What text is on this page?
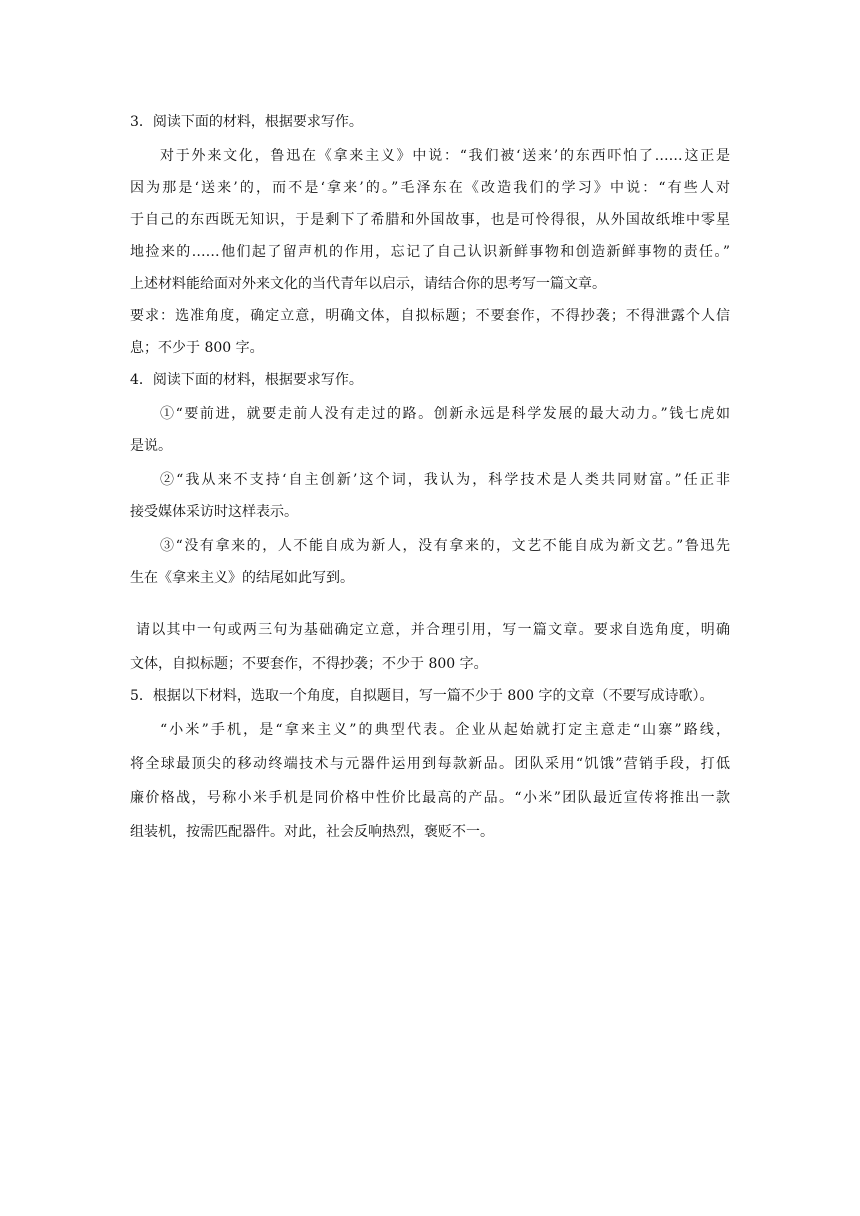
3．阅读下面的材料，根据要求写作。
对于外来文化，鲁迅在《拿来主义》中说：“我们被‘送来’的东西吓怕了……这正是
因为那是‘送来’的，而不是‘拿来’的。”毛泽东在《改造我们的学习》中说：“有些人对
于自己的东西既无知识，于是剩下了希腊和外国故事，也是可怜得很，从外国故纸堆中零星
地捡来的……他们起了留声机的作用，忘记了自己认识新鲜事物和创造新鲜事物的责任。”
上述材料能给面对外来文化的当代青年以启示，请结合你的思考写一篇文章。
要求：选准角度，确定立意，明确文体，自拟标题；不要套作，不得抄袭；不得泄露个人信
息；不少于 800 字。
4．阅读下面的材料，根据要求写作。
①“要前进，就要走前人没有走过的路。创新永远是科学发展的最大动力。”钱七虎如
是说。
②“我从来不支持‘自主创新’这个词，我认为，科学技术是人类共同财富。”任正非
接受媒体采访时这样表示。
③“没有拿来的，人不能自成为新人，没有拿来的，文艺不能自成为新文艺。”鲁迅先
生在《拿来主义》的结尾如此写到。
请以其中一句或两三句为基础确定立意，并合理引用，写一篇文章。要求自选角度，明确
文体，自拟标题；不要套作，不得抄袭；不少于 800 字。
5．根据以下材料，选取一个角度，自拟题目，写一篇不少于 800 字的文章（不要写成诗歌）。
“小米”手机，是“拿来主义”的典型代表。企业从起始就打定主意走“山寨”路线，
将全球最顶尖的移动终端技术与元器件运用到每款新品。团队采用“饥饿”营销手段，打低
廉价格战，号称小米手机是同价格中性价比最高的产品。“小米”团队最近宣传将推出一款
组装机，按需匹配器件。对此，社会反响热烈，褒贬不一。
